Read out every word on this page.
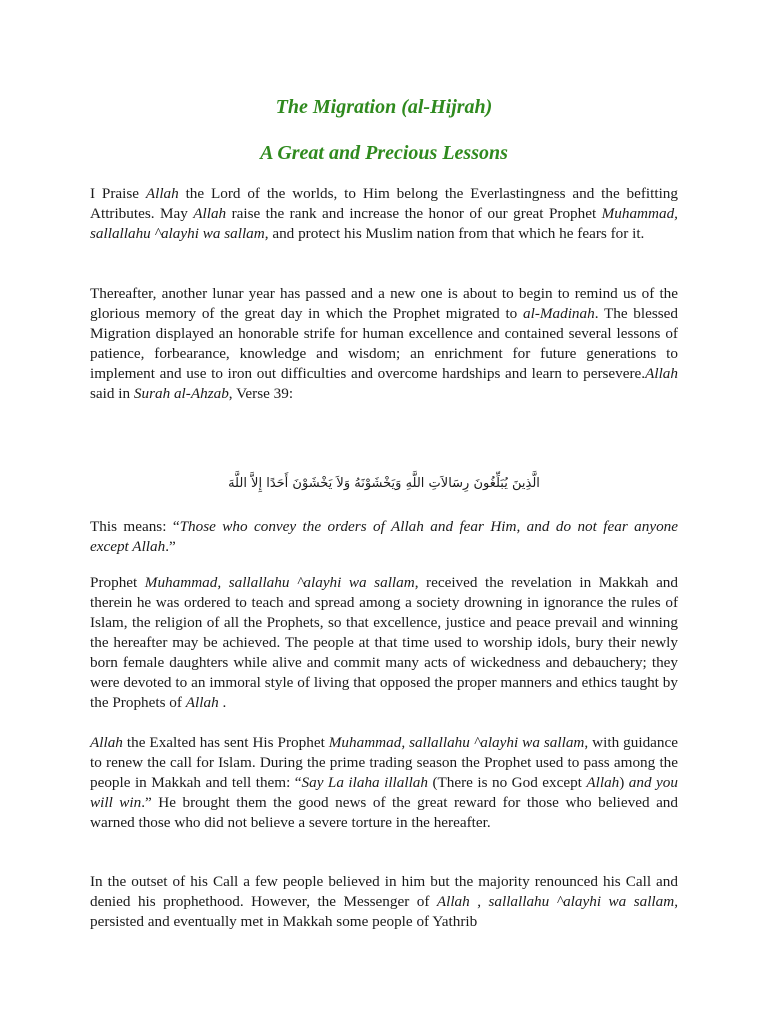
The Migration (al-Hijrah)
A Great and Precious Lessons

I Praise Allah the Lord of the worlds, to Him belong the Everlastingness and the befitting Attributes. May Allah raise the rank and increase the honor of our great Prophet Muhammad, sallallahu ^alayhi wa sallam, and protect his Muslim nation from that which he fears for it.

Thereafter, another lunar year has passed and a new one is about to begin to remind us of the glorious memory of the great day in which the Prophet migrated to al-Madinah. The blessed Migration displayed an honorable strife for human excellence and contained several lessons of patience, forbearance, knowledge and wisdom; an enrichment for future generations to implement and use to iron out difficulties and overcome hardships and learn to persevere.Allah said in Surah al-Ahzab, Verse 39:

الَّذِينَ يُبَلِّغُونَ رِسَالاَتِ اللَّهِ وَيَخْشَوْنَهُ وَلاَ يَخْشَوْنَ أَحَدًا إِلاَّ اللَّهَ

This means: “Those who convey the orders of Allah and fear Him, and do not fear anyone except Allah.”

Prophet Muhammad, sallallahu ^alayhi wa sallam, received the revelation in Makkah and therein he was ordered to teach and spread among a society drowning in ignorance the rules of Islam, the religion of all the Prophets, so that excellence, justice and peace prevail and winning the hereafter may be achieved. The people at that time used to worship idols, bury their newly born female daughters while alive and commit many acts of wickedness and debauchery; they were devoted to an immoral style of living that opposed the proper manners and ethics taught by the Prophets of Allah .

Allah the Exalted has sent His Prophet Muhammad, sallallahu ^alayhi wa sallam, with guidance to renew the call for Islam. During the prime trading season the Prophet used to pass among the people in Makkah and tell them: “Say La ilaha illallah (There is no God except Allah) and you will win.” He brought them the good news of the great reward for those who believed and warned those who did not believe a severe torture in the hereafter.

In the outset of his Call a few people believed in him but the majority renounced his Call and denied his prophethood. However, the Messenger of Allah , sallallahu ^alayhi wa sallam, persisted and eventually met in Makkah some people of Yathrib
